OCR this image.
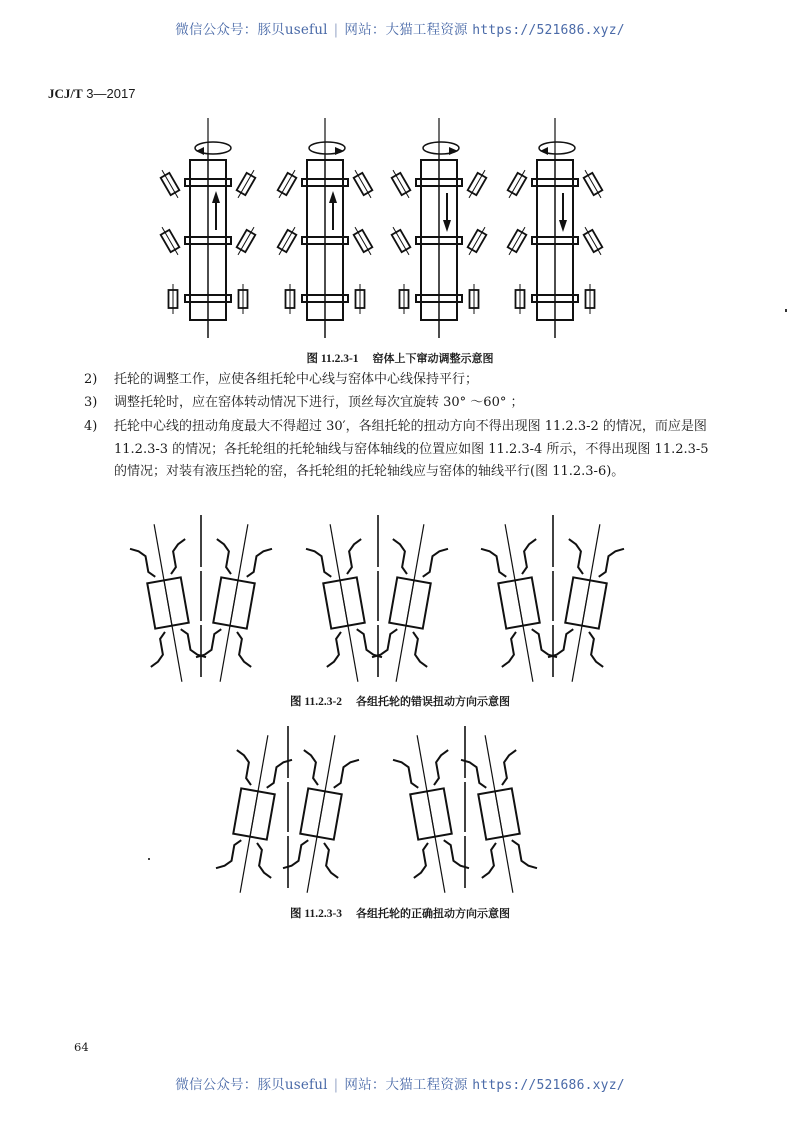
微信公众号：豚贝useful | 网站：大猫工程资源 https://521686.xyz/
JCJ/T 3—2017
图 11.2.3-1 窑体上下窜动调整示意图
2)	托轮的调整工作，应使各组托轮中心线与窑体中心线保持平行；
3)	调整托轮时，应在窑体转动情况下进行，顶丝每次宜旋转 30° ～60° ；
4)	托轮中心线的扭动角度最大不得超过 30′，各组托轮的扭动方向不得出现图 11.2.3-2 的情况，而应是图 11.2.3-3 的情况；各托轮组的托轮轴线与窑体轴线的位置应如图 11.2.3-4 所示，不得出现图 11.2.3-5 的情况；对装有液压挡轮的窑，各托轮组的托轮轴线应与窑体的轴线平行(图 11.2.3-6)。
图 11.2.3-2 各组托轮的错误扭动方向示意图
图 11.2.3-3 各组托轮的正确扭动方向示意图
64
微信公众号：豚贝useful | 网站：大猫工程资源 https://521686.xyz/
